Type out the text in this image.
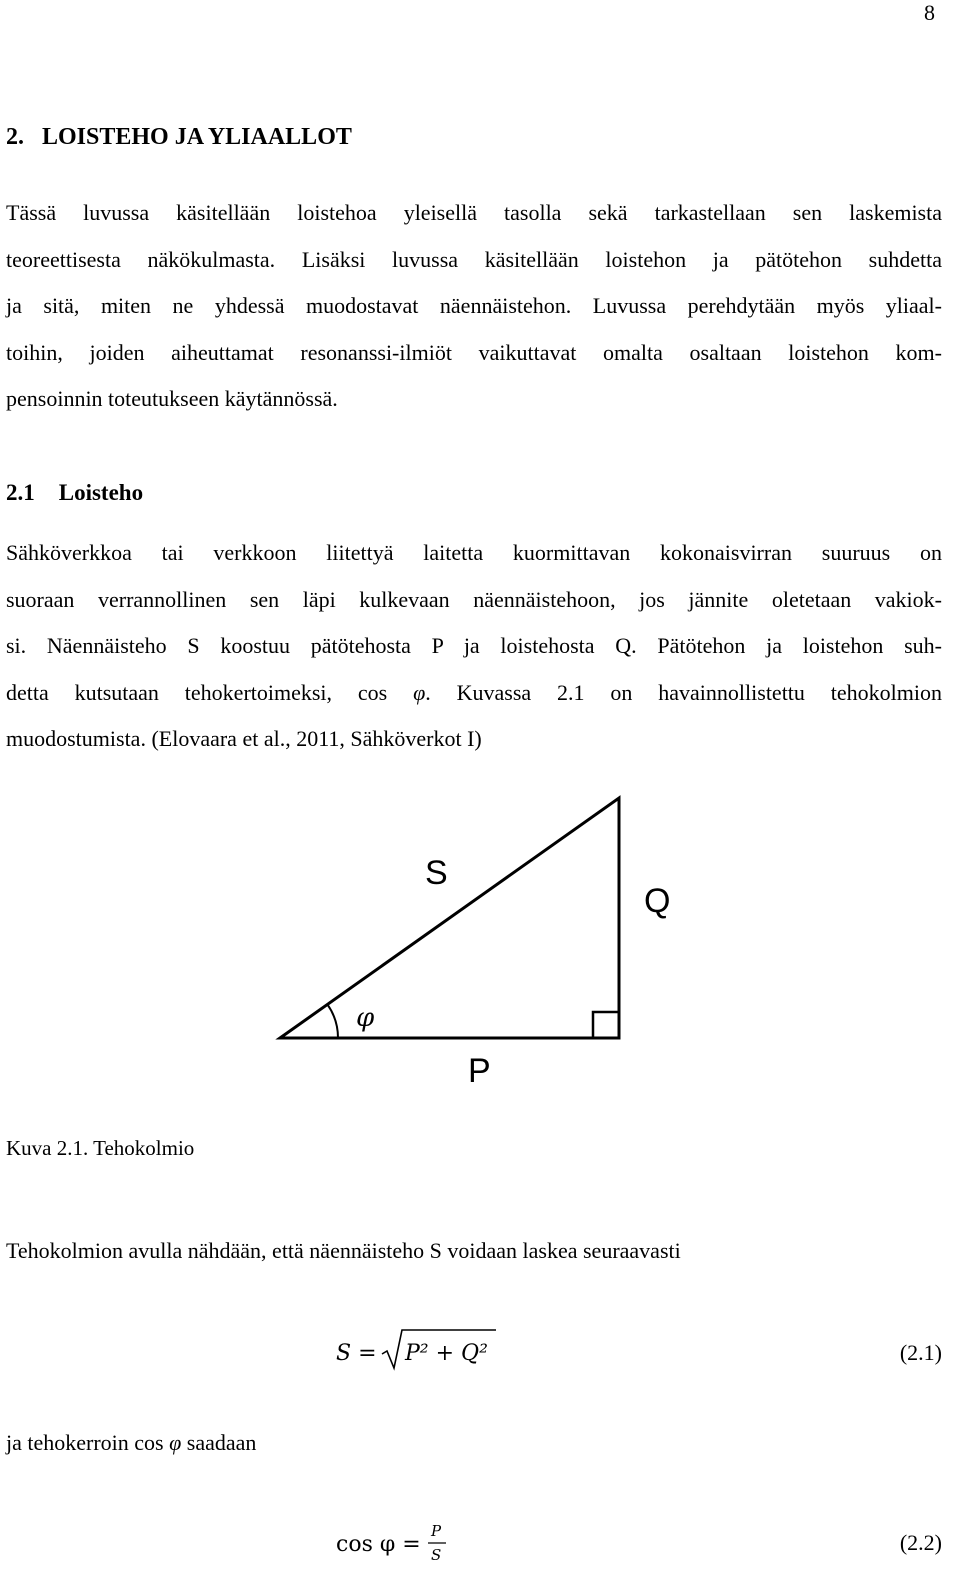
8
2. LOISTEHO JA YLIAALLOT
Tässä luvussa käsitellään loistehoa yleisellä tasolla sekä tarkastellaan sen laskemista
teoreettisesta näkökulmasta. Lisäksi luvussa käsitellään loistehon ja pätötehon suhdetta
ja sitä, miten ne yhdessä muodostavat näennäistehon. Luvussa perehdytään myös yliaal-
toihin, joiden aiheuttamat resonanssi-ilmiöt vaikuttavat omalta osaltaan loistehon kom-
pensoinnin toteutukseen käytännössä.
2.1 Loisteho
Sähköverkkoa tai verkkoon liitettyä laitetta kuormittavan kokonaisvirran suuruus on
suoraan verrannollinen sen läpi kulkevaan näennäistehoon, jos jännite oletetaan vakiok-
si. Näennäisteho S koostuu pätötehosta P ja loistehosta Q. Pätötehon ja loistehon suh-
detta kutsutaan tehokertoimeksi, cos φ. Kuvassa 2.1 on havainnollistettu tehokolmion
muodostumista. (Elovaara et al., 2011, Sähköverkot I)
S
Q
P
φ
Kuva 2.1. Tehokolmio
Tehokolmion avulla nähdään, että näennäisteho S voidaan laskea seuraavasti
S = P² + Q²	(2.1)
ja tehokerroin cos φ saadaan
cos φ =
P
S	(2.2)
